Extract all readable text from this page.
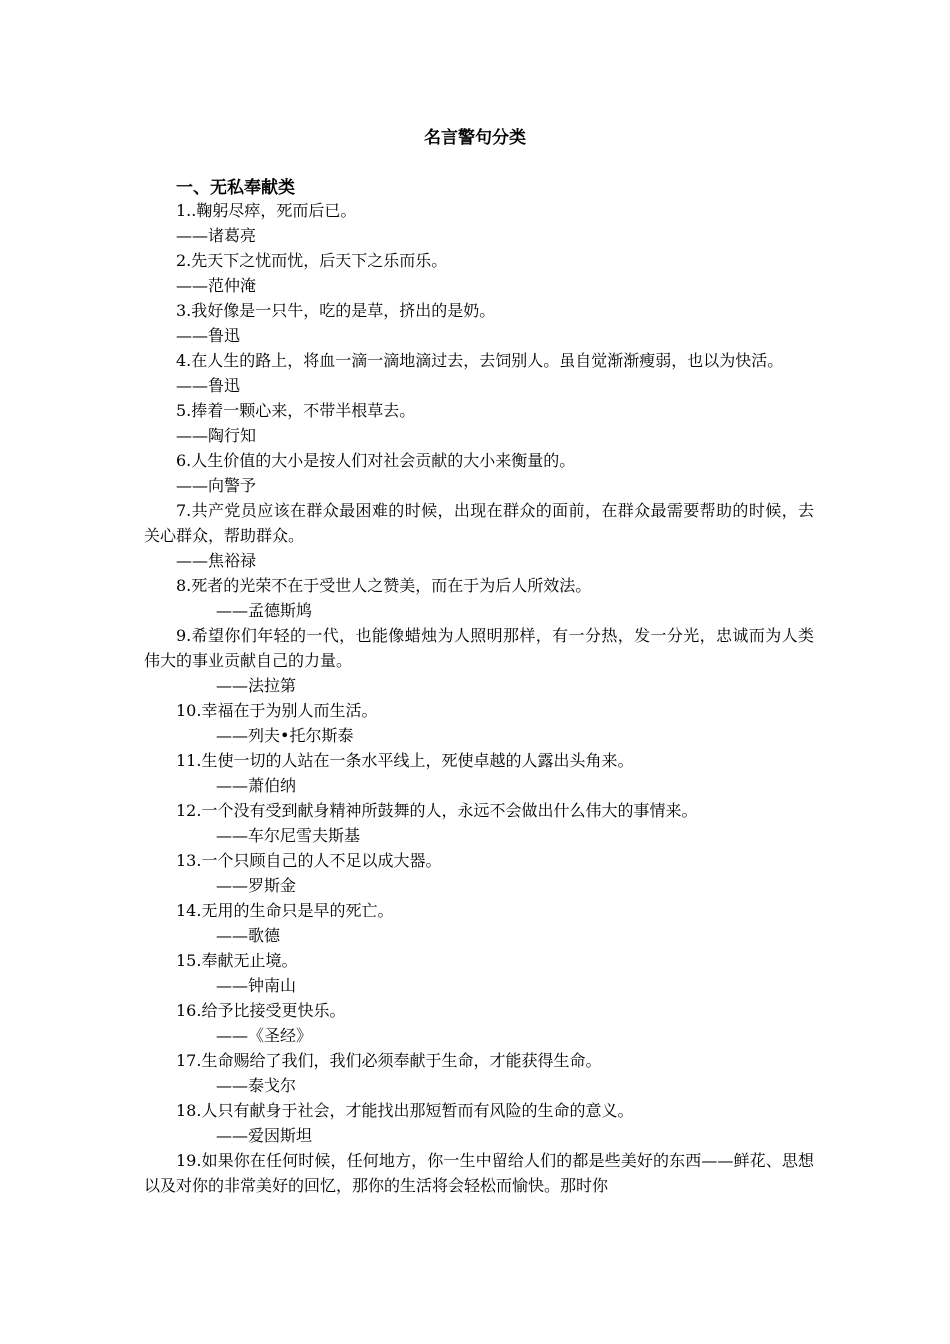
名言警句分类
一、无私奉献类

1..鞠躬尽瘁，死而后已。

——诸葛亮

2.先天下之忧而忧，后天下之乐而乐。

——范仲淹

3.我好像是一只牛，吃的是草，挤出的是奶。

——鲁迅

4.在人生的路上，将血一滴一滴地滴过去，去饲别人。虽自觉渐渐瘦弱，也以为快活。

——鲁迅

5.捧着一颗心来，不带半根草去。

——陶行知

6.人生价值的大小是按人们对社会贡献的大小来衡量的。

——向警予

7.共产党员应该在群众最困难的时候，出现在群众的面前，在群众最需要帮助的时候，去关心群众，帮助群众。

——焦裕禄

8.死者的光荣不在于受世人之赞美，而在于为后人所效法。

——孟德斯鸠

9.希望你们年轻的一代，也能像蜡烛为人照明那样，有一分热，发一分光，忠诚而为人类伟大的事业贡献自己的力量。

——法拉第

10.幸福在于为别人而生活。

——列夫•托尔斯泰

11.生使一切的人站在一条水平线上，死使卓越的人露出头角来。

——萧伯纳

12.一个没有受到献身精神所鼓舞的人，永远不会做出什么伟大的事情来。

——车尔尼雪夫斯基

13.一个只顾自己的人不足以成大器。

——罗斯金

14.无用的生命只是早的死亡。

——歌德

15.奉献无止境。

——钟南山

16.给予比接受更快乐。

——《圣经》

17.生命赐给了我们，我们必须奉献于生命，才能获得生命。

——泰戈尔

18.人只有献身于社会，才能找出那短暂而有风险的生命的意义。

——爱因斯坦

19.如果你在任何时候，任何地方，你一生中留给人们的都是些美好的东西——鲜花、思想以及对你的非常美好的回忆，那你的生活将会轻松而愉快。那时你
